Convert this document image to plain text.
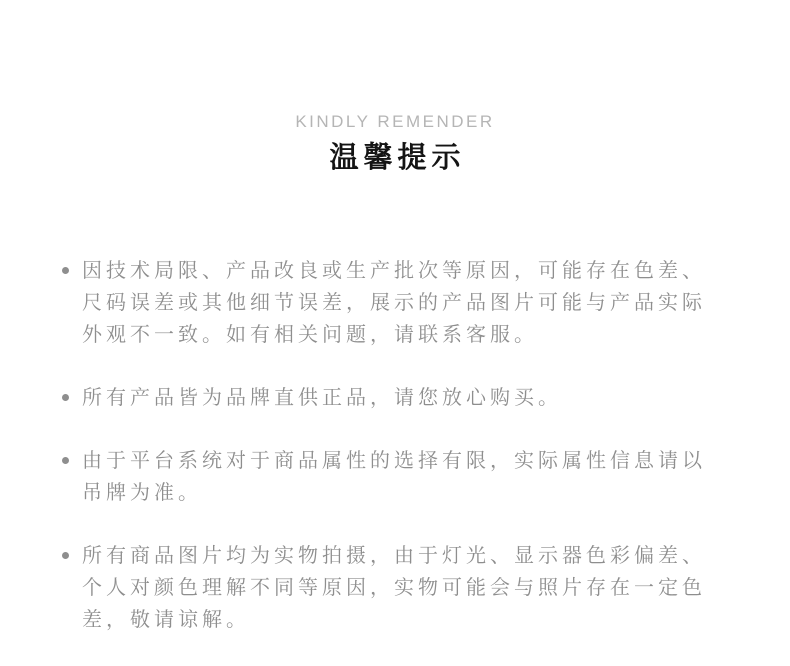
KINDLY REMENDER
温馨提示
因技术局限、产品改良或生产批次等原因，可能存在色差、尺码误差或其他细节误差，展示的产品图片可能与产品实际外观不一致。如有相关问题，请联系客服。
所有产品皆为品牌直供正品，请您放心购买。
由于平台系统对于商品属性的选择有限，实际属性信息请以吊牌为准。
所有商品图片均为实物拍摄，由于灯光、显示器色彩偏差、个人对颜色理解不同等原因，实物可能会与照片存在一定色差，敬请谅解。
